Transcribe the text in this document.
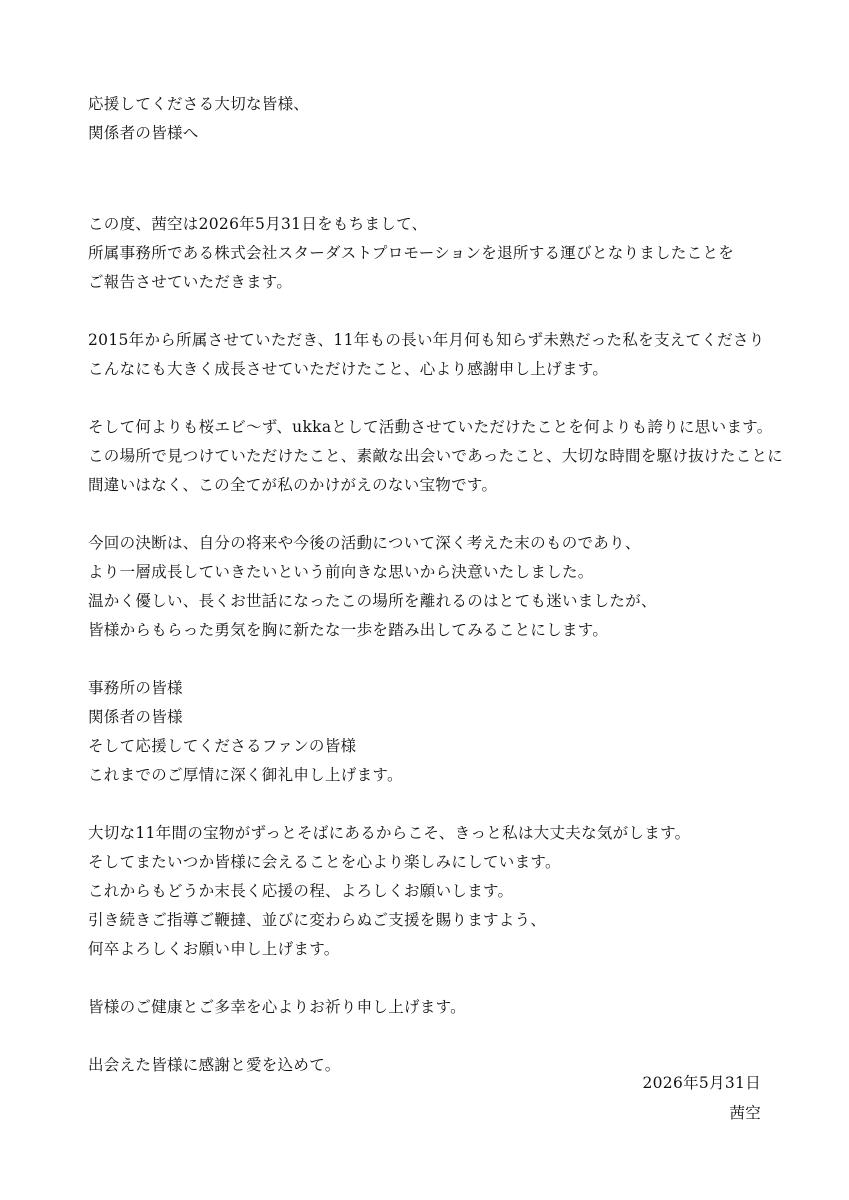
応援してくださる大切な皆様、
関係者の皆様へ
この度、茜空は2026年5月31日をもちまして、
所属事務所である株式会社スターダストプロモーションを退所する運びとなりましたことを
ご報告させていただきます。
2015年から所属させていただき、11年もの長い年月何も知らず未熟だった私を支えてくださり
こんなにも大きく成長させていただけたこと、心より感謝申し上げます。
そして何よりも桜エビ〜ず、ukkaとして活動させていただけたことを何よりも誇りに思います。
この場所で見つけていただけたこと、素敵な出会いであったこと、大切な時間を駆け抜けたことに
間違いはなく、この全てが私のかけがえのない宝物です。
今回の決断は、自分の将来や今後の活動について深く考えた末のものであり、
より一層成長していきたいという前向きな思いから決意いたしました。
温かく優しい、長くお世話になったこの場所を離れるのはとても迷いましたが、
皆様からもらった勇気を胸に新たな一歩を踏み出してみることにします。
事務所の皆様
関係者の皆様
そして応援してくださるファンの皆様
これまでのご厚情に深く御礼申し上げます。
大切な11年間の宝物がずっとそばにあるからこそ、きっと私は大丈夫な気がします。
そしてまたいつか皆様に会えることを心より楽しみにしています。
これからもどうか末長く応援の程、よろしくお願いします。
引き続きご指導ご鞭撻、並びに変わらぬご支援を賜りますよう、
何卒よろしくお願い申し上げます。
皆様のご健康とご多幸を心よりお祈り申し上げます。
出会えた皆様に感謝と愛を込めて。
2026年5月31日
茜空
